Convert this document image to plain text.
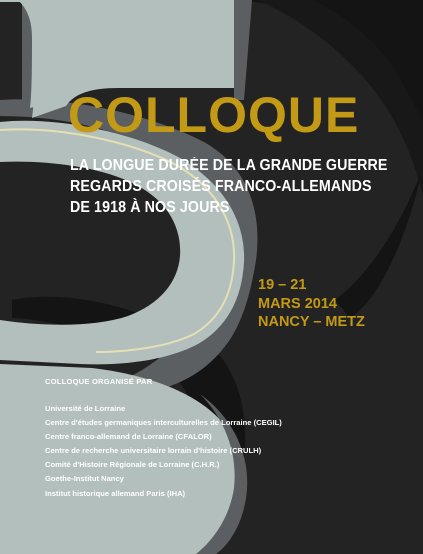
COLLOQUE
LA LONGUE DURÉE DE LA GRANDE GUERRE
REGARDS CROISÉS FRANCO-ALLEMANDS
DE 1918 À NOS JOURS
19 – 21
MARS 2014
NANCY – METZ
COLLOQUE ORGANISÉ PAR
Université de Lorraine
Centre d'études germaniques interculturelles de Lorraine (CEGIL)
Centre franco-allemand de Lorraine (CFALOR)
Centre de recherche universitaire lorrain d'histoire (CRULH)
Comité d'Histoire Régionale de Lorraine (C.H.R.)
Goethe-Institut Nancy
Institut historique allemand Paris (IHA)
